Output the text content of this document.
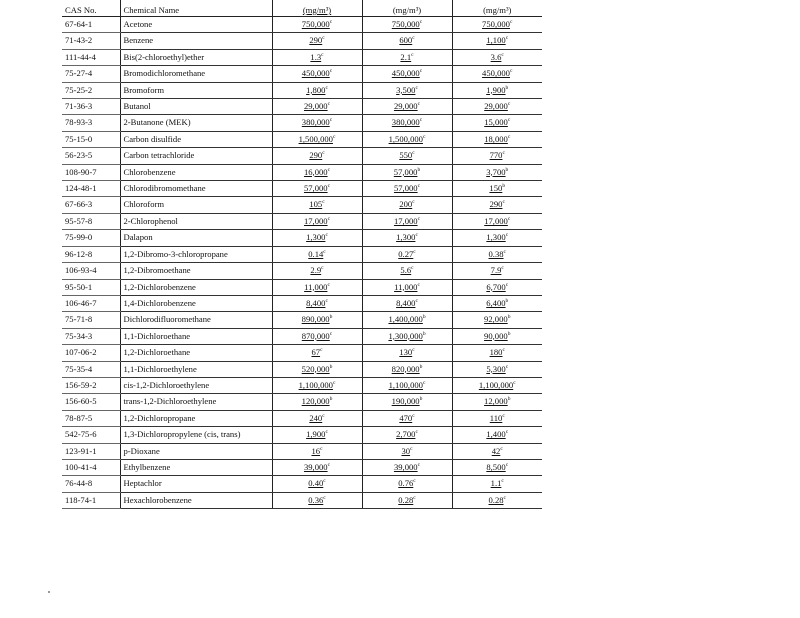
CAS No.	Chemical Name	(mg/m³)	(mg/m³)	(mg/m³)
67-64-1	Acetone	750,000$^c$	750,000$^c$	750,000$^c$
71-43-2	Benzene	290$^c$	600$^c$	1,100$^c$
111-44-4	Bis(2-chloroethyl)ether	1.3$^c$	2.1$^c$	3.6$^c$
75-27-4	Bromodichloromethane	450,000$^c$	450,000$^c$	450,000$^c$
75-25-2	Bromoform	1,800$^c$	3,500$^c$	1,900$^b$
71-36-3	Butanol	29,000$^c$	29,000$^c$	29,000$^c$
78-93-3	2-Butanone (MEK)	380,000$^c$	380,000$^c$	15,000$^c$
75-15-0	Carbon disulfide	1,500,000$^c$	1,500,000$^c$	18,000$^c$
56-23-5	Carbon tetrachloride	290$^c$	550$^c$	770$^c$
108-90-7	Chlorobenzene	16,000$^c$	57,000$^b$	3,700$^b$
124-48-1	Chlorodibromomethane	57,000$^c$	57,000$^c$	150$^b$
67-66-3	Chloroform	105$^c$	200$^c$	290$^c$
95-57-8	2-Chlorophenol	17,000$^c$	17,000$^c$	17,000$^c$
75-99-0	Dalapon	1,300$^c$	1,300$^c$	1,300$^c$
96-12-8	1,2-Dibromo-3-chloropropane	0.14$^c$	0.27$^c$	0.38$^c$
106-93-4	1,2-Dibromoethane	2.9$^c$	5.6$^c$	7.9$^c$
95-50-1	1,2-Dichlorobenzene	11,000$^c$	11,000$^c$	6,700$^c$
106-46-7	1,4-Dichlorobenzene	8,400$^c$	8,400$^c$	6,400$^b$
75-71-8	Dichlorodifluoromethane	890,000$^b$	1,400,000$^b$	92,000$^b$
75-34-3	1,1-Dichloroethane	870,000$^c$	1,300,000$^b$	90,000$^b$
107-06-2	1,2-Dichloroethane	67$^c$	130$^c$	180$^c$
75-35-4	1,1-Dichloroethylene	520,000$^b$	820,000$^b$	5,300$^c$
156-59-2	cis-1,2-Dichloroethylene	1,100,000$^c$	1,100,000$^c$	1,100,000$^c$
156-60-5	trans-1,2-Dichloroethylene	120,000$^b$	190,000$^b$	12,000$^b$
78-87-5	1,2-Dichloropropane	240$^c$	470$^c$	110$^c$
542-75-6	1,3-Dichloropropylene (cis, trans)	1,900$^c$	2,700$^c$	1,400$^c$
123-91-1	p-Dioxane	16$^c$	30$^c$	42$^c$
100-41-4	Ethylbenzene	39,000$^c$	39,000$^c$	8,500$^c$
76-44-8	Heptachlor	0.40$^c$	0.76$^c$	1.1$^c$
118-74-1	Hexachlorobenzene	0.36$^c$	0.28$^c$	0.28$^c$
